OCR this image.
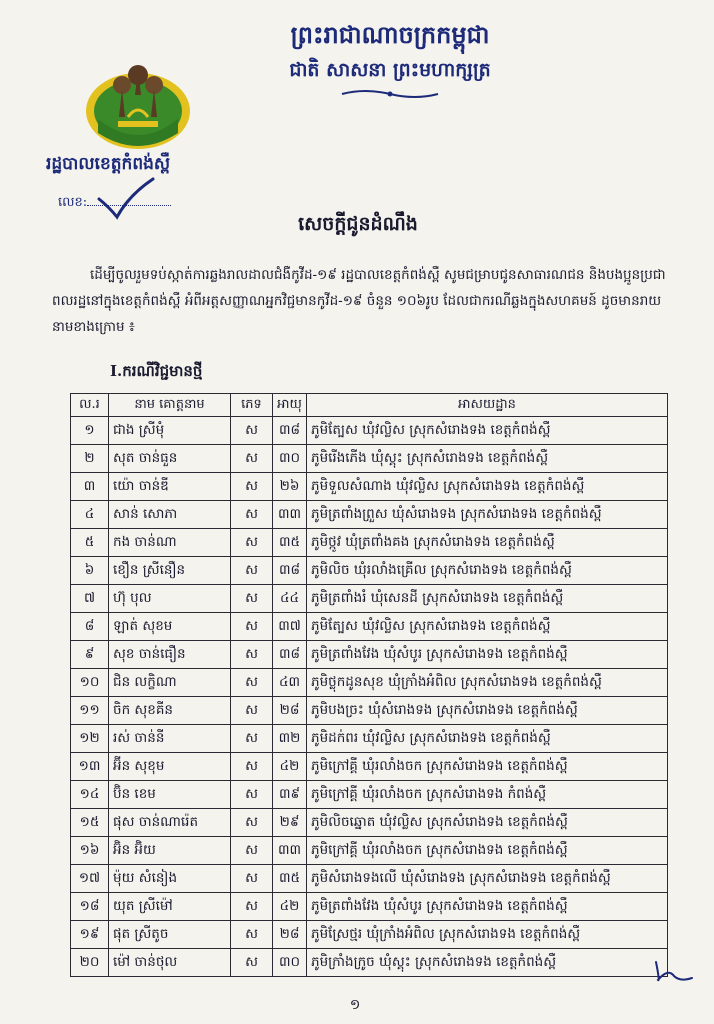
ព្រះរាជាណាចក្រកម្ពុជា
ជាតិ សាសនា ព្រះមហាក្សត្រ
រដ្ឋបាលខេត្តកំពង់ស្ពឺ
លេខ:
សេចក្តីជូនដំណឹង

ដើម្បីចូលរួមទប់ស្កាត់ការឆ្លងរាលដាលជំងឺកូវីដ-១៩ រដ្ឋបាលខេត្តកំពង់ស្ពឺ សូមជម្រាបជូនសាធារណជន និងបងប្អូនប្រជាពលរដ្ឋនៅក្នុងខេត្តកំពង់ស្ពឺ អំពីអត្តសញ្ញាណអ្នកវិជ្ជមានកូវីដ-១៩ ចំនួន ១០៦រូប ដែលជាករណីឆ្លងក្នុងសហគមន៍ ដូចមានរាយនាមខាងក្រោម ៖

I.ករណីវិជ្ជមានថ្មី
ល.រ	នាម គោត្តនាម	ភេទ	អាយុ	អាសយដ្ឋាន
១	ជាង ស្រីមុំ	ស	៣៨	ភូមិត្បែស ឃុំវល្លិស ស្រុកសំរោងទង ខេត្តកំពង់ស្ពឺ
២	សុត ចាន់ធួន	ស	៣០	ភូមិរើងភើង ឃុំស្គុះ ស្រុកសំរោងទង ខេត្តកំពង់ស្ពឺ
៣	យ៉ោ ចាន់ឌី	ស	២៦	ភូមិទួលសំណាង ឃុំវល្លិស ស្រុកសំរោងទង ខេត្តកំពង់ស្ពឺ
៤	សាន់ សោភា	ស	៣៣	ភូមិត្រពាំងព្រួស ឃុំសំរោងទង ស្រុកសំរោងទង ខេត្តកំពង់ស្ពឺ
៥	កង ចាន់ណា	ស	៣៥	ភូមិថ្កូវ ឃុំត្រពាំងគង ស្រុកសំរោងទង ខេត្តកំពង់ស្ពឺ
៦	ខឿន ស្រីនឿន	ស	៣៨	ភូមិលិច ឃុំរលាំងគ្រើល ស្រុកសំរោងទង ខេត្តកំពង់ស្ពឺ
៧	ហ៊ុ បុល	ស	៤៤	ភូមិត្រពាំងរំ ឃុំសេនដី ស្រុកសំរោងទង ខេត្តកំពង់ស្ពឺ
៨	ឡាត់ សុខម	ស	៣៧	ភូមិត្បែស ឃុំវល្លិស ស្រុកសំរោងទង ខេត្តកំពង់ស្ពឺ
៩	សុខ ចាន់ធឿន	ស	៣៨	ភូមិត្រពាំងវែង ឃុំសំបូរ ស្រុកសំរោងទង ខេត្តកំពង់ស្ពឺ
១០	ជិន លក្ខិណា	ស	៤៣	ភូមិថ្លុកដូនសុខ ឃុំក្រាំងអំពិល ស្រុកសំរោងទង ខេត្តកំពង់ស្ពឺ
១១	ចិក សុខគីន	ស	២៨	ភូមិបងច្រះ ឃុំសំរោងទង ស្រុកសំរោងទង ខេត្តកំពង់ស្ពឺ
១២	រស់ ចាន់នី	ស	៣២	ភូមិដក់ពរ ឃុំវល្លិស ស្រុកសំរោងទង ខេត្តកំពង់ស្ពឺ
១៣	អ៊ីន សុខុម	ស	៤២	ភូមិក្រៅគ្គី ឃុំរលាំងចក ស្រុកសំរោងទង ខេត្តកំពង់ស្ពឺ
១៤	ប៊ិន ខេម	ស	៣៩	ភូមិក្រៅគ្គី ឃុំរលាំងចក ស្រុកសំរោងទង កំពង់ស្ពឺ
១៥	ផុស ចាន់ណារ៉េត	ស	២៩	ភូមិលិចឆ្នោត ឃុំវល្លិស ស្រុកសំរោងទង ខេត្តកំពង់ស្ពឺ
១៦	អ៊ិន អ៊ិយ	ស	៣៣	ភូមិក្រៅគ្គី ឃុំរលាំងចក ស្រុកសំរោងទង ខេត្តកំពង់ស្ពឺ
១៧	ម៉ុយ សំនៀង	ស	៣៥	ភូមិសំរោងទងលើ ឃុំសំរោងទង ស្រុកសំរោងទង ខេត្តកំពង់ស្ពឺ
១៨	យុត ស្រីម៉ៅ	ស	៤២	ភូមិត្រពាំងវែង ឃុំសំបូរ ស្រុកសំរោងទង ខេត្តកំពង់ស្ពឺ
១៩	ផុត ស្រីតូច	ស	២៨	ភូមិស្រែថ្មរ ឃុំក្រាំងអំពិល ស្រុកសំរោងទង ខេត្តកំពង់ស្ពឺ
២០	ម៉ៅ ចាន់ថុល	ស	៣០	ភូមិក្រាំងក្រូច ឃុំស្គុះ ស្រុកសំរោងទង ខេត្តកំពង់ស្ពឺ
១
